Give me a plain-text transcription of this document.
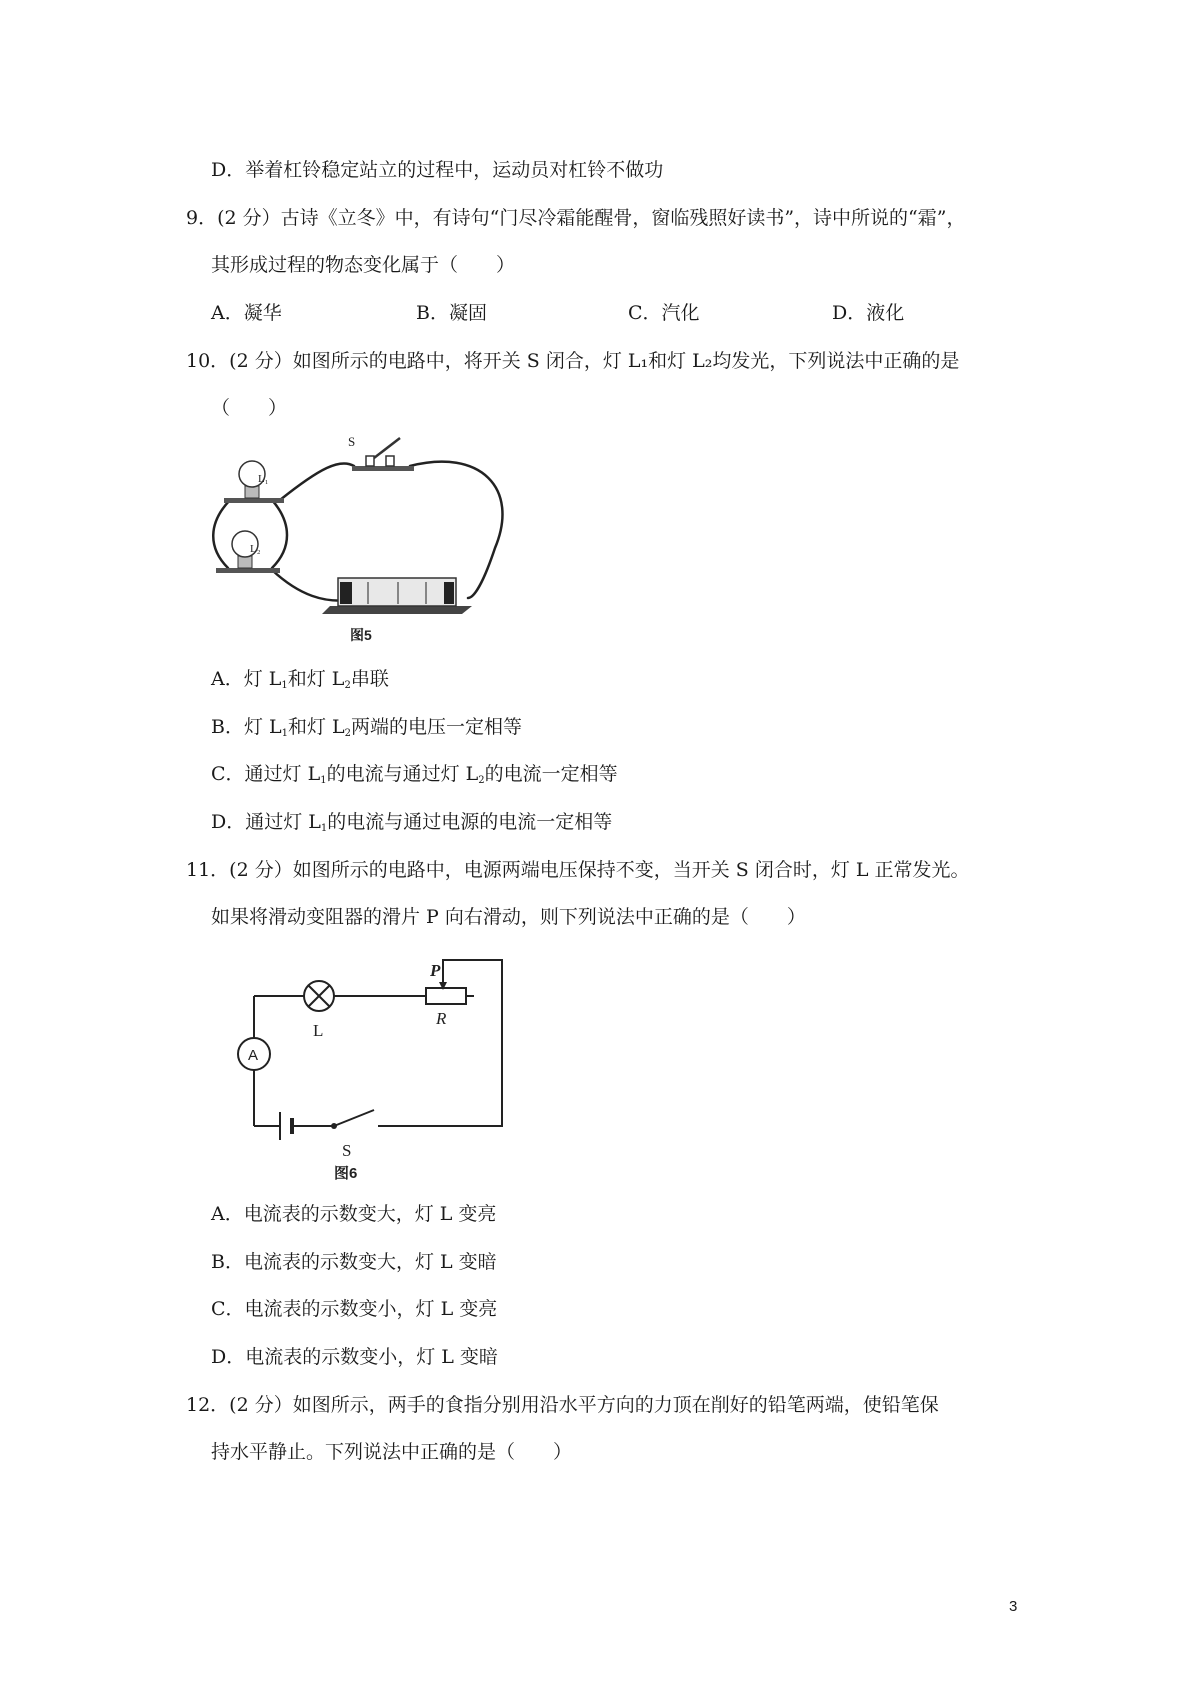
D．举着杠铃稳定站立的过程中，运动员对杠铃不做功
9．(2 分）古诗《立冬》中，有诗句“门尽冷霜能醒骨，窗临残照好读书”，诗中所说的“霜”，
其形成过程的物态变化属于（　　）
A．凝华	B．凝固	C．汽化	D．液化
10．(2 分）如图所示的电路中，将开关 S 闭合，灯 L₁和灯 L₂均发光，下列说法中正确的是
（　　）
S
L₁
L₂
图5
A．灯 $L_1$和灯 $L_2$串联
B．灯 $L_1$和灯 $L_2$两端的电压一定相等
C．通过灯 $L_1$的电流与通过灯 $L_2$的电流一定相等
D．通过灯 $L_1$的电流与通过电源的电流一定相等
11．(2 分）如图所示的电路中，电源两端电压保持不变，当开关 S 闭合时，灯 L 正常发光。
如果将滑动变阻器的滑片 P 向右滑动，则下列说法中正确的是（　　）
L
P
R
A
S
图6
A．电流表的示数变大，灯 L 变亮
B．电流表的示数变大，灯 L 变暗
C．电流表的示数变小，灯 L 变亮
D．电流表的示数变小，灯 L 变暗
12．(2 分）如图所示，两手的食指分别用沿水平方向的力顶在削好的铅笔两端，使铅笔保
持水平静止。下列说法中正确的是（　　）
3
